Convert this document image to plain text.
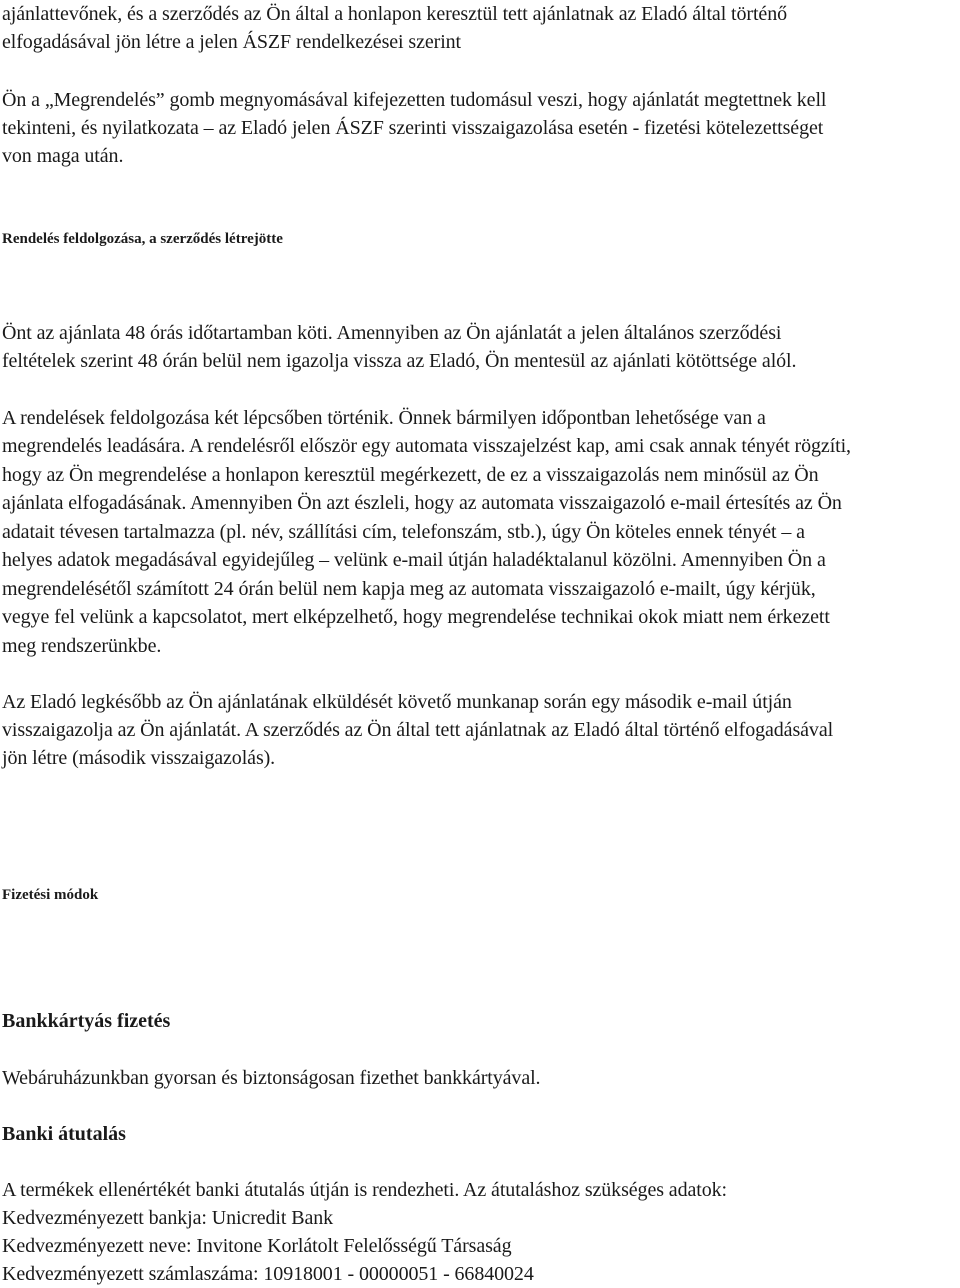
ajánlattevőnek, és a szerződés az Ön által a honlapon keresztül tett ajánlatnak az Eladó által történő
elfogadásával jön létre a jelen ÁSZF rendelkezései szerint
Ön a „Megrendelés” gomb megnyomásával kifejezetten tudomásul veszi, hogy ajánlatát megtettnek kell
tekinteni, és nyilatkozata – az Eladó jelen ÁSZF szerinti visszaigazolása esetén - fizetési kötelezettséget
von maga után.
Rendelés feldolgozása, a szerződés létrejötte
Önt az ajánlata 48 órás időtartamban köti. Amennyiben az Ön ajánlatát a jelen általános szerződési
feltételek szerint 48 órán belül nem igazolja vissza az Eladó, Ön mentesül az ajánlati kötöttsége alól.
A rendelések feldolgozása két lépcsőben történik. Önnek bármilyen időpontban lehetősége van a
megrendelés leadására. A rendelésről először egy automata visszajelzést kap, ami csak annak tényét rögzíti,
hogy az Ön megrendelése a honlapon keresztül megérkezett, de ez a visszaigazolás nem minősül az Ön
ajánlata elfogadásának. Amennyiben Ön azt észleli, hogy az automata visszaigazoló e-mail értesítés az Ön
adatait tévesen tartalmazza (pl. név, szállítási cím, telefonszám, stb.), úgy Ön köteles ennek tényét – a
helyes adatok megadásával egyidejűleg – velünk e-mail útján haladéktalanul közölni. Amennyiben Ön a
megrendelésétől számított 24 órán belül nem kapja meg az automata visszaigazoló e-mailt, úgy kérjük,
vegye fel velünk a kapcsolatot, mert elképzelhető, hogy megrendelése technikai okok miatt nem érkezett
meg rendszerünkbe.
Az Eladó legkésőbb az Ön ajánlatának elküldését követő munkanap során egy második e-mail útján
visszaigazolja az Ön ajánlatát. A szerződés az Ön által tett ajánlatnak az Eladó által történő elfogadásával
jön létre (második visszaigazolás).
Fizetési módok
Bankkártyás fizetés
Webáruházunkban gyorsan és biztonságosan fizethet bankkártyával.
Banki átutalás
A termékek ellenértékét banki átutalás útján is rendezheti. Az átutaláshoz szükséges adatok:
Kedvezményezett bankja: Unicredit Bank
Kedvezményezett neve: Invitone Korlátolt Felelősségű Társaság
Kedvezményezett számlaszáma: 10918001 - 00000051 - 66840024
